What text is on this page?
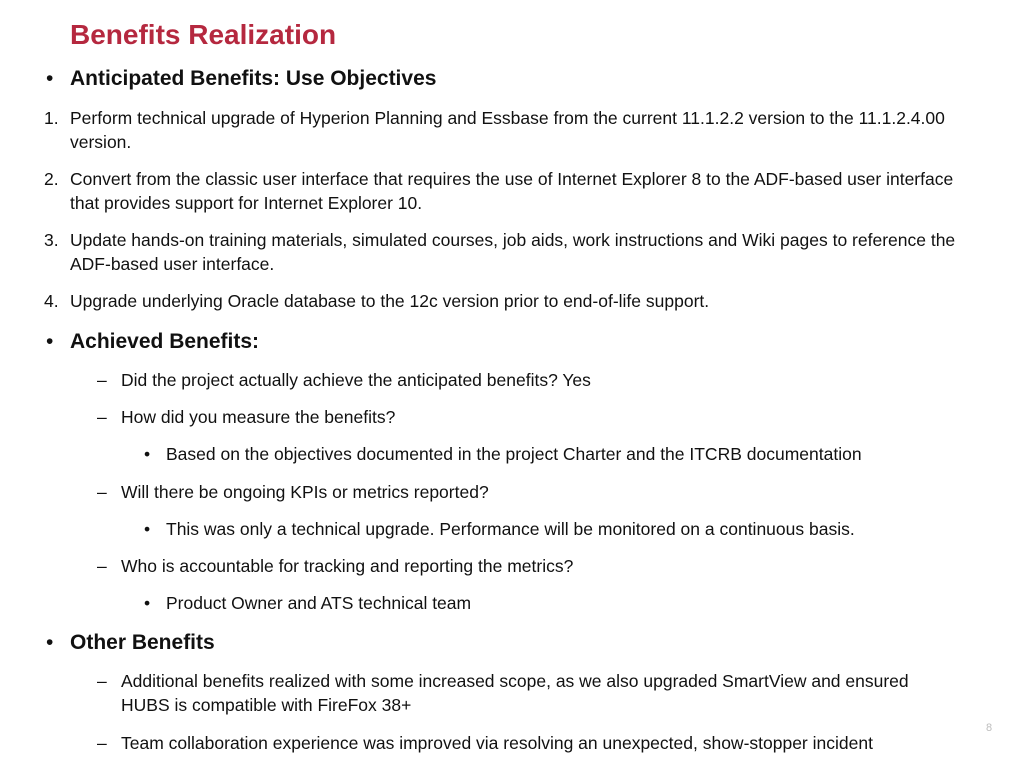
Benefits Realization
• Anticipated Benefits: Use Objectives
1. Perform technical upgrade of Hyperion Planning and Essbase from the current 11.1.2.2 version to the 11.1.2.4.00 version.
2. Convert from the classic user interface that requires the use of Internet Explorer 8 to the ADF-based user interface that provides support for Internet Explorer 10.
3. Update hands-on training materials, simulated courses, job aids, work instructions and Wiki pages to reference the ADF-based user interface.
4. Upgrade underlying Oracle database to the 12c version prior to end-of-life support.
• Achieved Benefits:
– Did the project actually achieve the anticipated benefits? Yes
– How did you measure the benefits?
• Based on the objectives documented in the project Charter and the ITCRB documentation
– Will there be ongoing KPIs or metrics reported?
• This was only a technical upgrade. Performance will be monitored on a continuous basis.
– Who is accountable for tracking and reporting the metrics?
• Product Owner and ATS technical team
• Other Benefits
– Additional benefits realized with some increased scope, as we also upgraded SmartView and ensured HUBS is compatible with FireFox 38+
– Team collaboration experience was improved via resolving an unexpected, show-stopper incident
8
